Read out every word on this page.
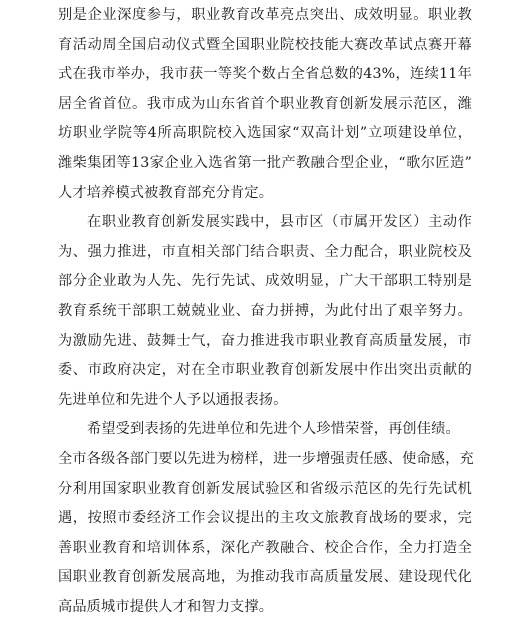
别是企业深度参与，职业教育改革亮点突出、成效明显。职业教
育活动周全国启动仪式暨全国职业院校技能大赛改革试点赛开幕
式在我市举办，我市获一等奖个数占全省总数的43%，连续11年
居全省首位。我市成为山东省首个职业教育创新发展示范区，潍
坊职业学院等4所高职院校入选国家“双高计划”立项建设单位，
潍柴集团等13家企业入选省第一批产教融合型企业，“歌尔匠造”
人才培养模式被教育部充分肯定。
在职业教育创新发展实践中，县市区（市属开发区）主动作
为、强力推进，市直相关部门结合职责、全力配合，职业院校及
部分企业敢为人先、先行先试、成效明显，广大干部职工特别是
教育系统干部职工兢兢业业、奋力拼搏，为此付出了艰辛努力。
为激励先进、鼓舞士气，奋力推进我市职业教育高质量发展，市
委、市政府决定，对在全市职业教育创新发展中作出突出贡献的
先进单位和先进个人予以通报表扬。
希望受到表扬的先进单位和先进个人珍惜荣誉，再创佳绩。
全市各级各部门要以先进为榜样，进一步增强责任感、使命感，充
分利用国家职业教育创新发展试验区和省级示范区的先行先试机
遇，按照市委经济工作会议提出的主攻文旅教育战场的要求，完
善职业教育和培训体系，深化产教融合、校企合作，全力打造全
国职业教育创新发展高地，为推动我市高质量发展、建设现代化
高品质城市提供人才和智力支撑。
